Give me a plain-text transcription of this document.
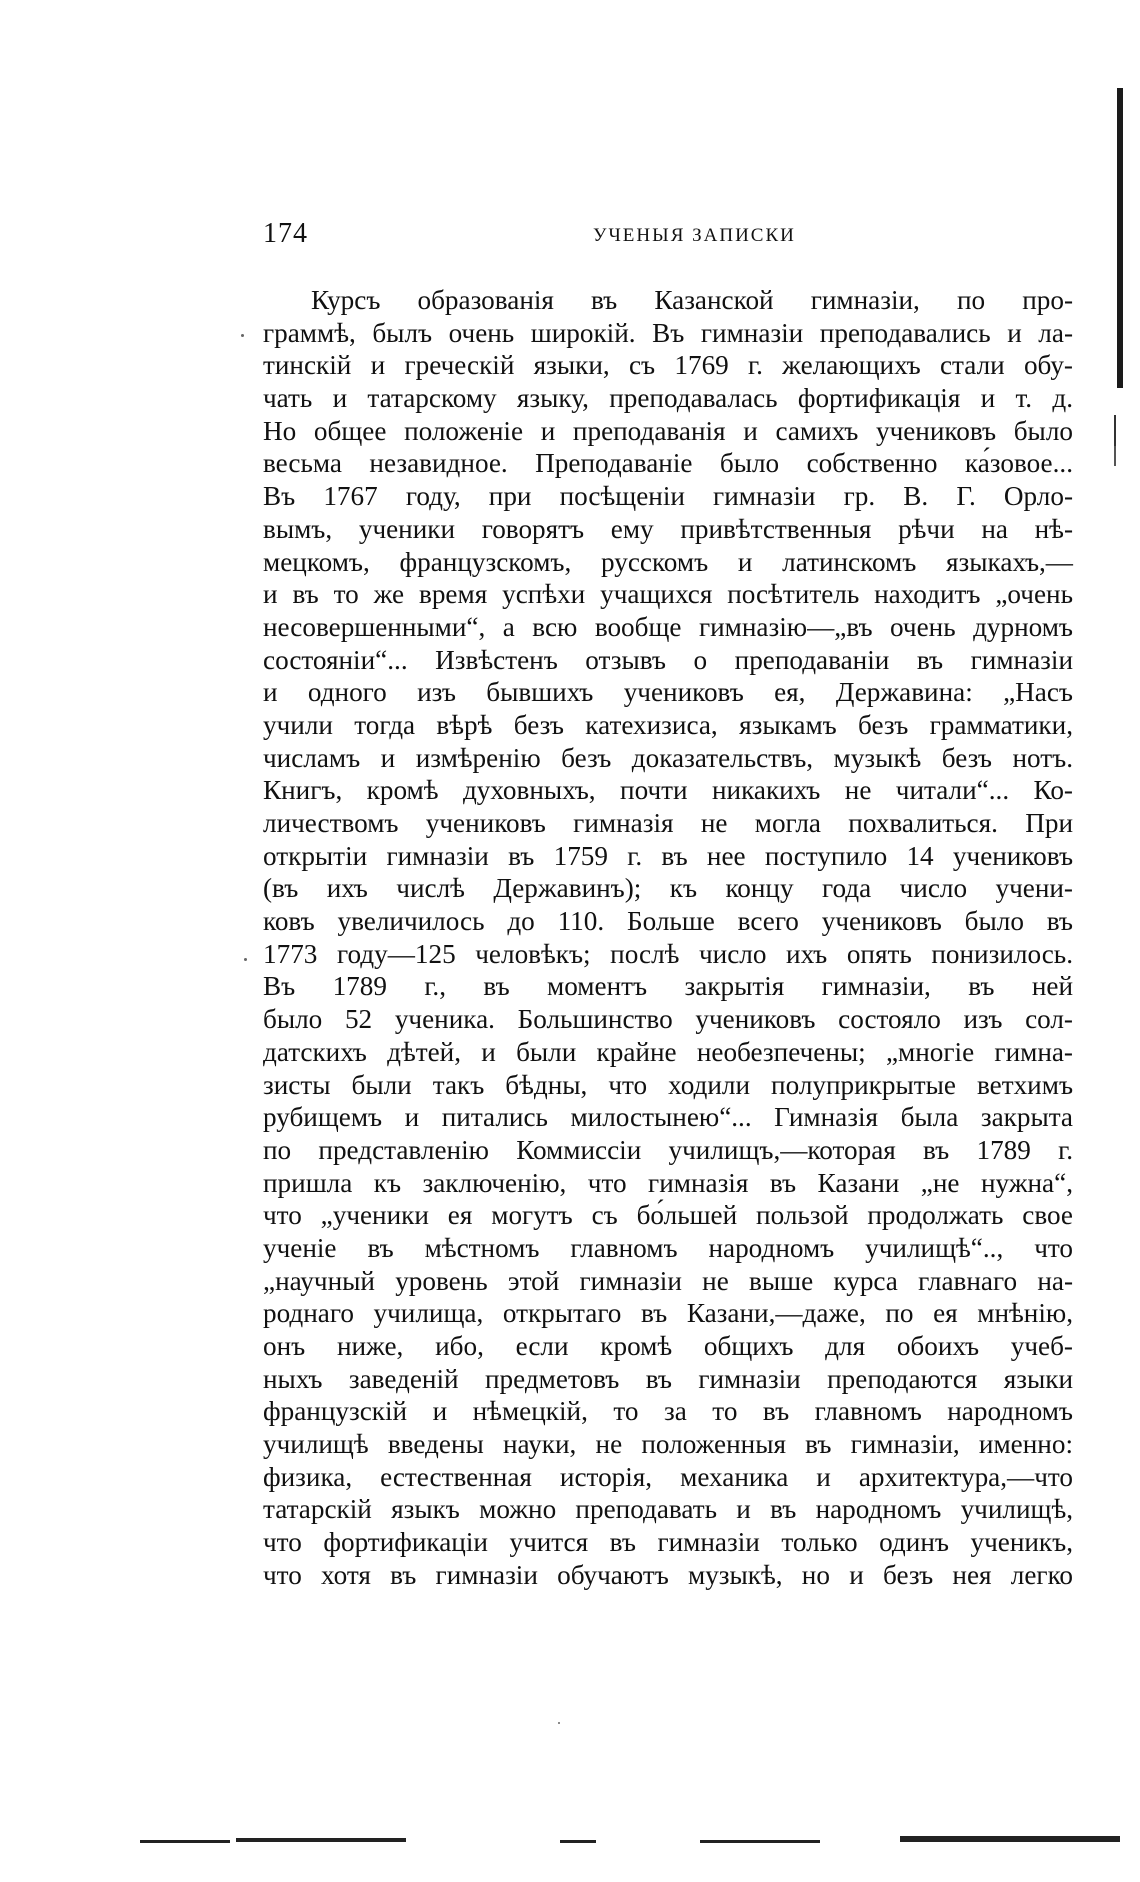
174	УЧЕНЫЯ ЗАПИСКИ
Курсъ образованія въ Казанской гимназіи, по про-
граммѣ, былъ очень широкій. Въ гимназіи преподавались и ла-
тинскій и греческій языки, съ 1769 г. желающихъ стали обу-
чать и татарскому языку, преподавалась фортификація и т. д.
Но общее положеніе и преподаванія и самихъ учениковъ было
весьма незавидное. Преподаваніе было собственно ка́зовое...
Въ 1767 году, при посѣщеніи гимназіи гр. В. Г. Орло-
вымъ, ученики говорятъ ему привѣтственныя рѣчи на нѣ-
мецкомъ, французскомъ, русскомъ и латинскомъ языкахъ,—
и въ то же время успѣхи учащихся посѣтитель находитъ „очень
несовершенными“, а всю вообще гимназію—„въ очень дурномъ
состояніи“... Извѣстенъ отзывъ о преподаваніи въ гимназіи
и одного изъ бывшихъ учениковъ ея, Державина: „Насъ
учили тогда вѣрѣ безъ катехизиса, языкамъ безъ грамматики,
числамъ и измѣренію безъ доказательствъ, музыкѣ безъ нотъ.
Книгъ, кромѣ духовныхъ, почти никакихъ не читали“... Ко-
личествомъ учениковъ гимназія не могла похвалиться. При
открытіи гимназіи въ 1759 г. въ нее поступило 14 учениковъ
(въ ихъ числѣ Державинъ); къ концу года число учени-
ковъ увеличилось до 110. Больше всего учениковъ было въ
1773 году—125 человѣкъ; послѣ число ихъ опять понизилось.
Въ 1789 г., въ моментъ закрытія гимназіи, въ ней
было 52 ученика. Большинство учениковъ состояло изъ сол-
датскихъ дѣтей, и были крайне необезпечены; „многіе гимна-
зисты были такъ бѣдны, что ходили полуприкрытые ветхимъ
рубищемъ и питались милостынею“... Гимназія была закрыта
по представленію Коммиссіи училищъ,—которая въ 1789 г.
пришла къ заключенію, что гимназія въ Казани „не нужна“,
что „ученики ея могутъ съ бо́льшей пользой продолжать свое
ученіе въ мѣстномъ главномъ народномъ училищѣ“.., что
„научный уровень этой гимназіи не выше курса главнаго на-
роднаго училища, открытаго въ Казани,—даже, по ея мнѣнію,
онъ ниже, ибо, если кромѣ общихъ для обоихъ учеб-
ныхъ заведеній предметовъ въ гимназіи преподаются языки
французскій и нѣмецкій, то за то въ главномъ народномъ
училищѣ введены науки, не положенныя въ гимназіи, именно:
физика, естественная исторія, механика и архитектура,—что
татарскій языкъ можно преподавать и въ народномъ училищѣ,
что фортификаціи учится въ гимназіи только одинъ ученикъ,
что хотя въ гимназіи обучаютъ музыкѣ, но и безъ нея легко
